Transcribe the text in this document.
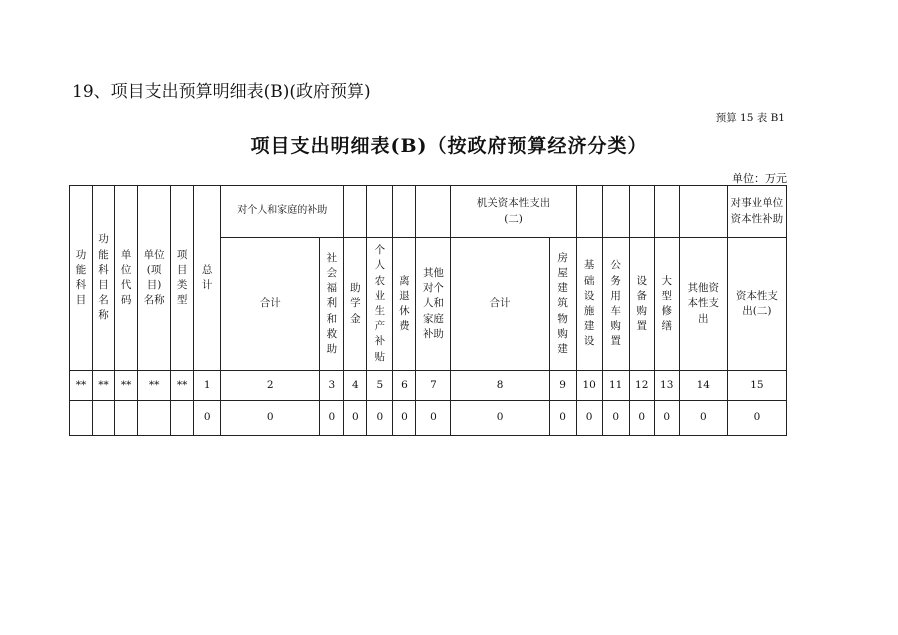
19、项目支出预算明细表(B)(政府预算)
预算 15 表 B1
项目支出明细表(B)（按政府预算经济分类）
单位：万元
功能科目	功能科目名称	单位代码	单位(项目)名称	项目类型	总计	对个人和家庭的补助						机关资本性支出(二)							对事业单位资本性补助

						合计	社会福利和救助	助学金	个人农业生产补贴	离退休费	其他对个人和家庭补助	合计	房屋建筑物购建	基础设施建设	公务用车购置	设备购置	大型修缮	其他资本性支出	资本性支出(二)

**	**	**	**	**	1	2	3	4	5	6	7	8	9	10	11	12	13	14	15
					0	0	0	0	0	0	0	0	0	0	0	0	0	0	0
